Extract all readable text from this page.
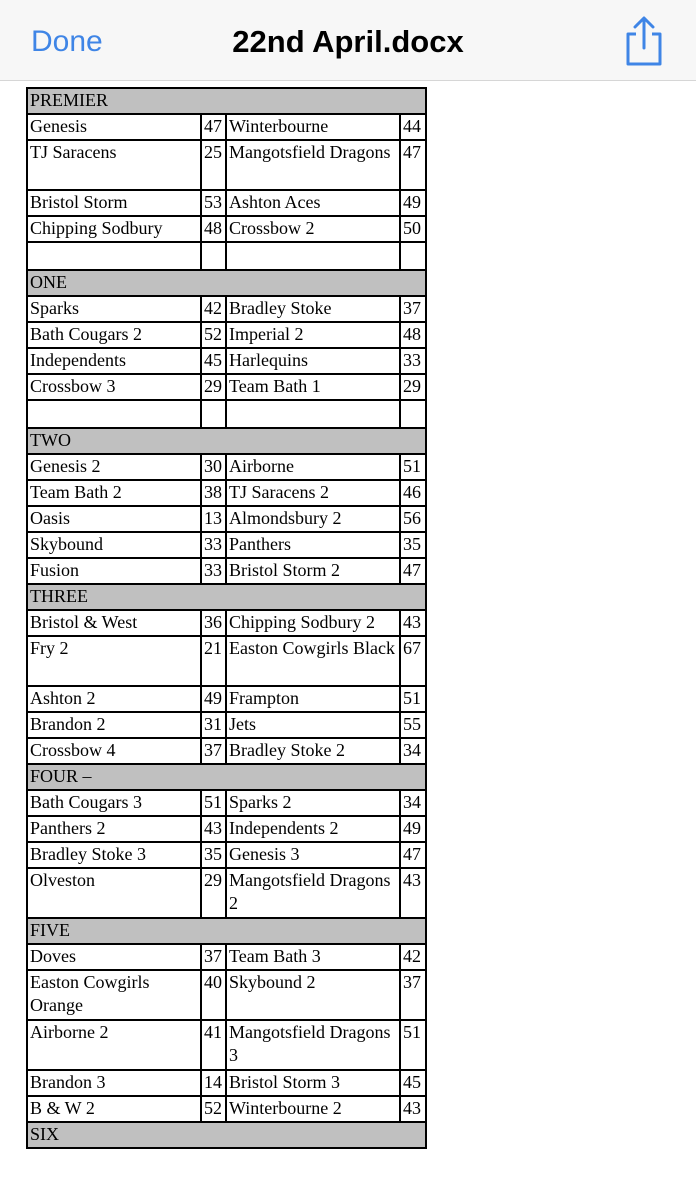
Done	22nd April.docx
PREMIER			
Genesis	47	Winterbourne	44
TJ Saracens	25	Mangotsfield Dragons	47
Bristol Storm	53	Ashton Aces	49
Chipping Sodbury	48	Crossbow 2	50

ONE			
Sparks	42	Bradley Stoke	37
Bath Cougars 2	52	Imperial 2	48
Independents	45	Harlequins	33
Crossbow 3	29	Team Bath 1	29

TWO			
Genesis 2	30	Airborne	51
Team Bath 2	38	TJ Saracens 2	46
Oasis	13	Almondsbury 2	56
Skybound	33	Panthers	35
Fusion	33	Bristol Storm 2	47
THREE			
Bristol & West	36	Chipping Sodbury 2	43
Fry 2	21	Easton Cowgirls Black	67
Ashton 2	49	Frampton	51
Brandon 2	31	Jets	55
Crossbow 4	37	Bradley Stoke 2	34
FOUR –			
Bath Cougars 3	51	Sparks 2	34
Panthers 2	43	Independents 2	49
Bradley Stoke 3	35	Genesis 3	47
Olveston	29	Mangotsfield Dragons 2	43
FIVE			
Doves	37	Team Bath 3	42
Easton Cowgirls Orange	40	Skybound 2	37
Airborne 2	41	Mangotsfield Dragons 3	51
Brandon 3	14	Bristol Storm 3	45
B & W 2	52	Winterbourne 2	43
SIX			
